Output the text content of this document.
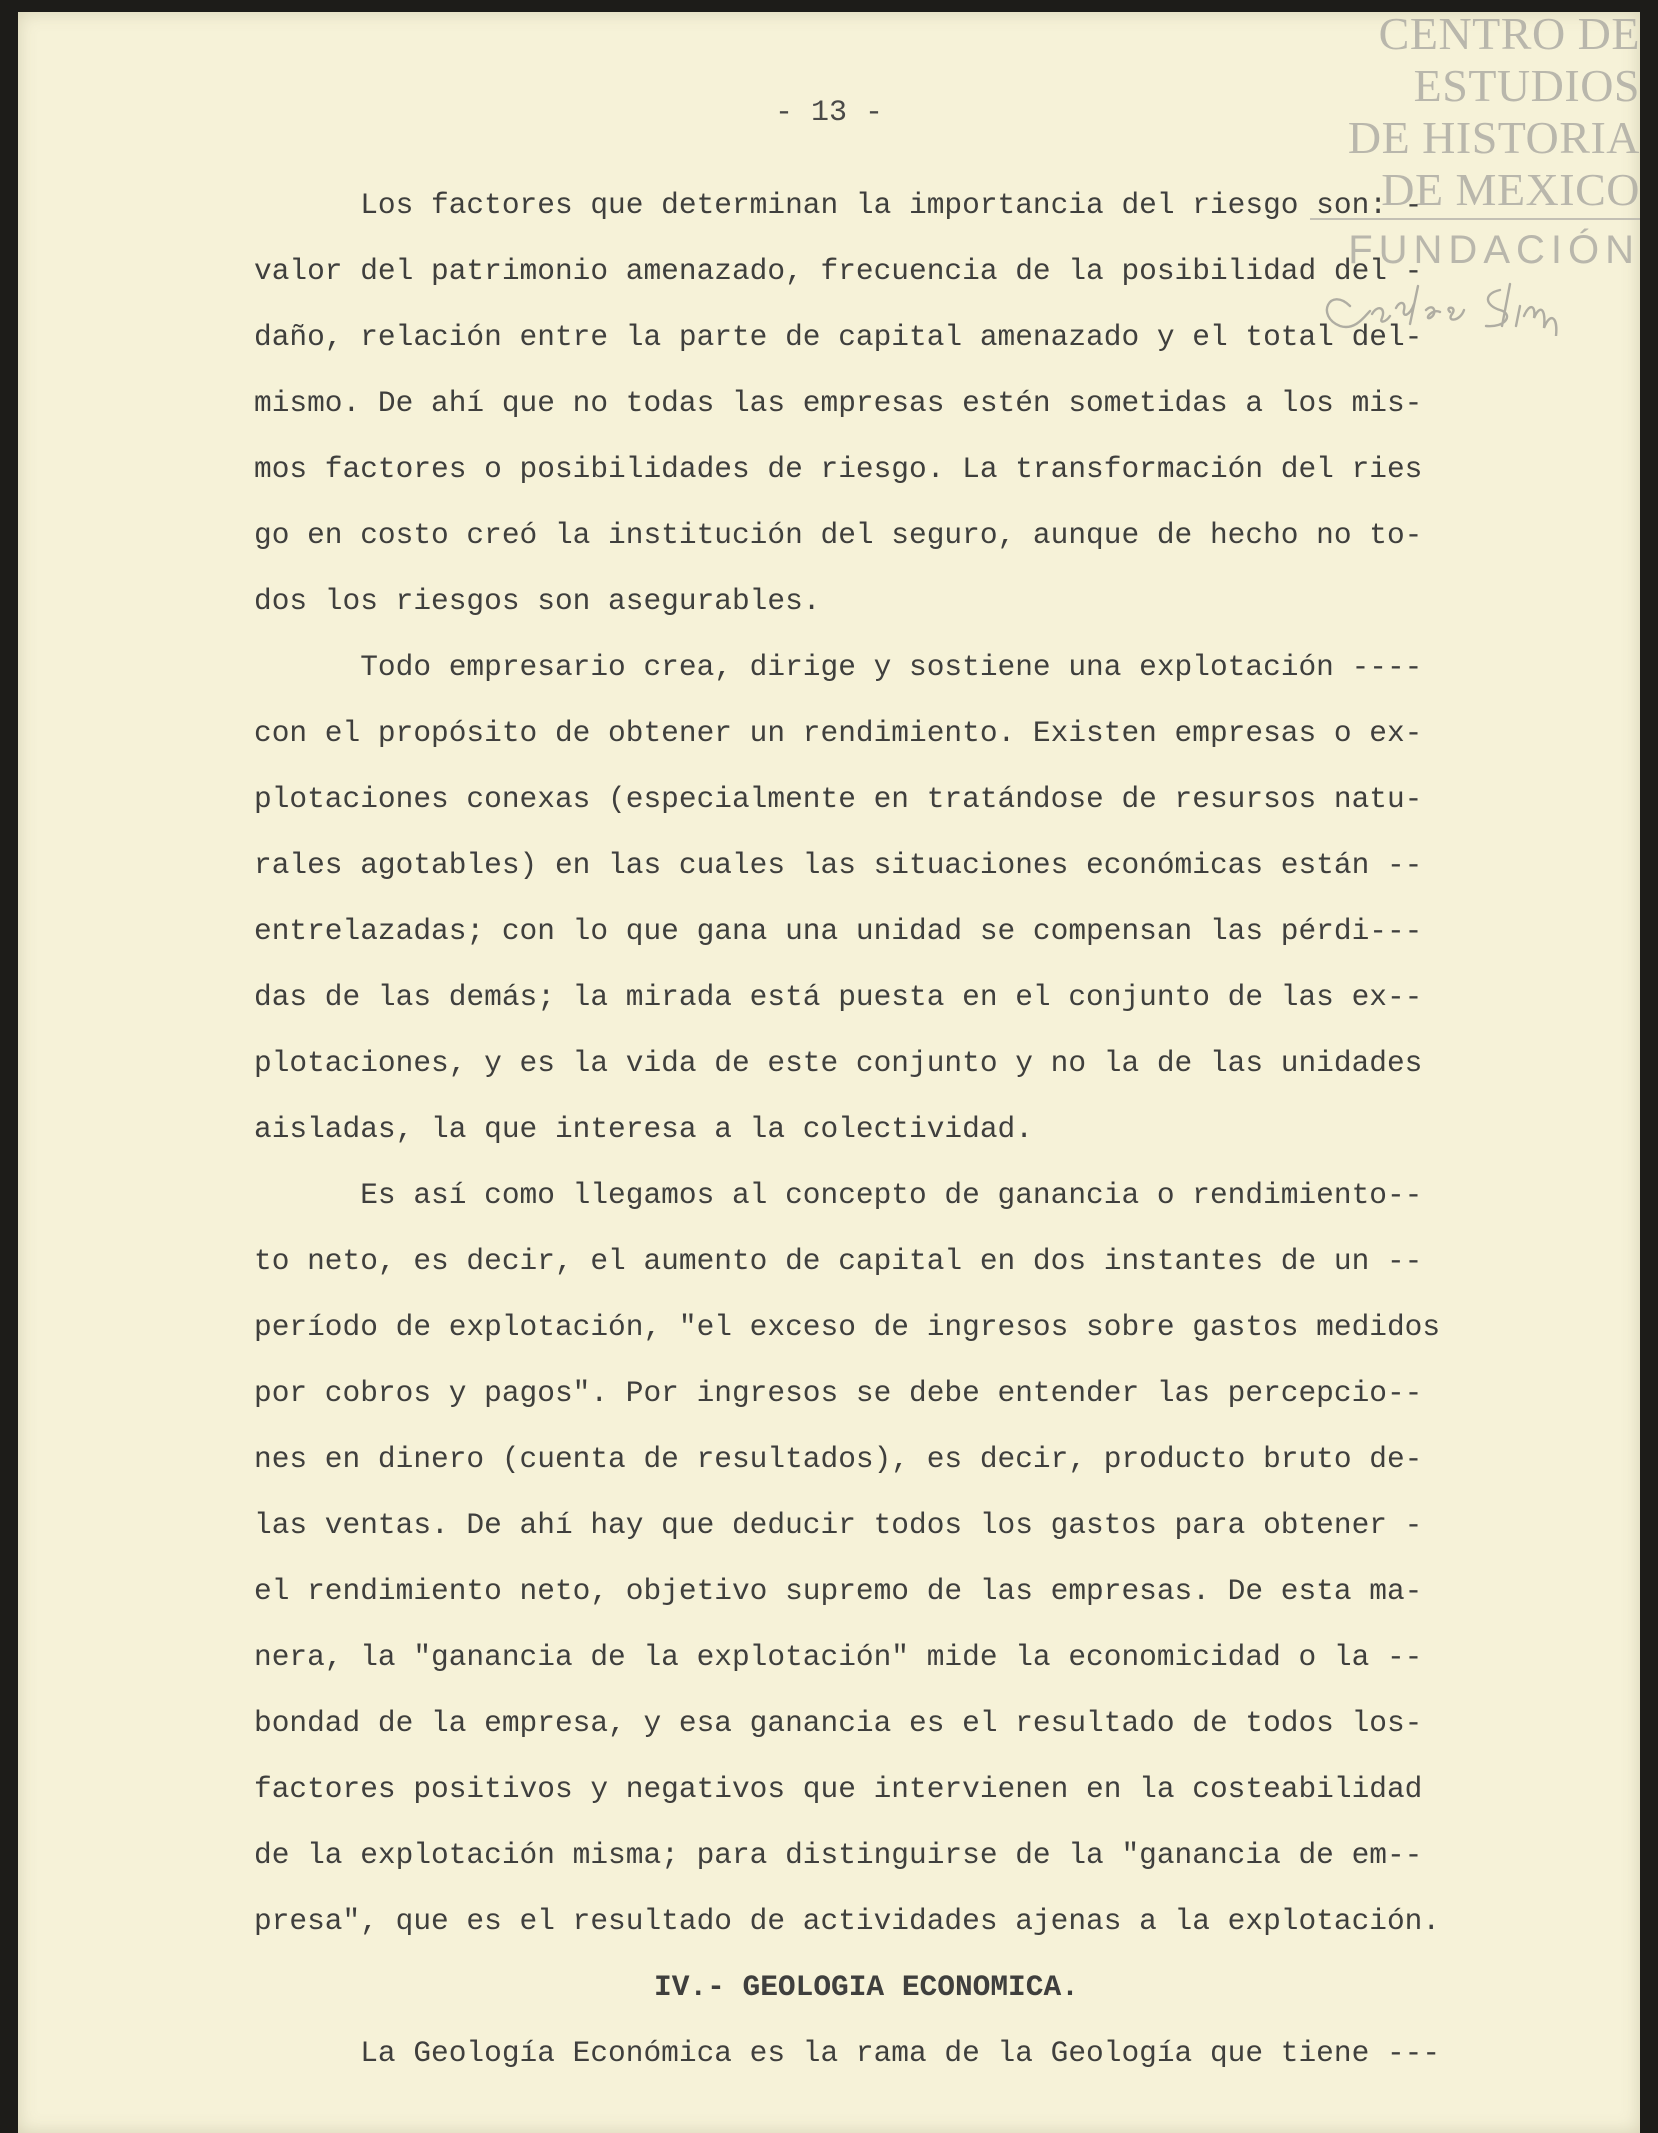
CENTRO DE
ESTUDIOS
DE HISTORIA
DE MEXICO
FUNDACIÓN
- 13 -
Los factores que determinan la importancia del riesgo son: -
valor del patrimonio amenazado, frecuencia de la posibilidad del -
daño, relación entre la parte de capital amenazado y el total del-
mismo. De ahí que no todas las empresas estén sometidas a los mis-
mos factores o posibilidades de riesgo. La transformación del ries
go en costo creó la institución del seguro, aunque de hecho no to-
dos los riesgos son asegurables.
Todo empresario crea, dirige y sostiene una explotación ----
con el propósito de obtener un rendimiento. Existen empresas o ex-
plotaciones conexas (especialmente en tratándose de resursos natu-
rales agotables) en las cuales las situaciones económicas están --
entrelazadas; con lo que gana una unidad se compensan las pérdi---
das de las demás; la mirada está puesta en el conjunto de las ex--
plotaciones, y es la vida de este conjunto y no la de las unidades
aisladas, la que interesa a la colectividad.
Es así como llegamos al concepto de ganancia o rendimiento--
to neto, es decir, el aumento de capital en dos instantes de un --
período de explotación, "el exceso de ingresos sobre gastos medidos
por cobros y pagos". Por ingresos se debe entender las percepcio--
nes en dinero (cuenta de resultados), es decir, producto bruto de-
las ventas. De ahí hay que deducir todos los gastos para obtener -
el rendimiento neto, objetivo supremo de las empresas. De esta ma-
nera, la "ganancia de la explotación" mide la economicidad o la --
bondad de la empresa, y esa ganancia es el resultado de todos los-
factores positivos y negativos que intervienen en la costeabilidad
de la explotación misma; para distinguirse de la "ganancia de em--
presa", que es el resultado de actividades ajenas a la explotación.
IV.- GEOLOGIA ECONOMICA.
La Geología Económica es la rama de la Geología que tiene ---
